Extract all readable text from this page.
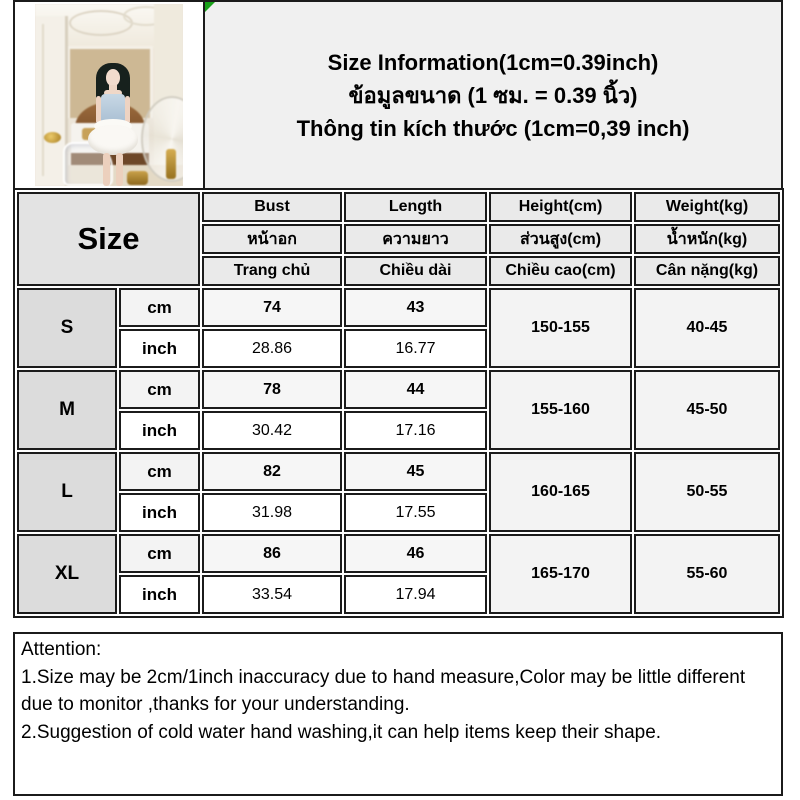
Size Information(1cm=0.39inch)
ข้อมูลขนาด (1 ซม. = 0.39 นิ้ว)
Thông tin kích thước (1cm=0,39 inch)
Size		Bust	Length	Height(cm)	Weight(kg)
		หน้าอก	ความยาว	ส่วนสูง(cm)	น้ำหนัก(kg)
		Trang chủ	Chiều dài	Chiều cao(cm)	Cân nặng(kg)
S	cm	74	43	150-155	40-45
	inch	28.86	16.77		
M	cm	78	44	155-160	45-50
	inch	30.42	17.16		
L	cm	82	45	160-165	50-55
	inch	31.98	17.55		
XL	cm	86	46	165-170	55-60
	inch	33.54	17.94		
Attention:
1.Size may be 2cm/1inch inaccuracy due to hand measure,Color may be little different
due to monitor ,thanks for your understanding.
2.Suggestion of cold water hand washing,it can help items keep their shape.
